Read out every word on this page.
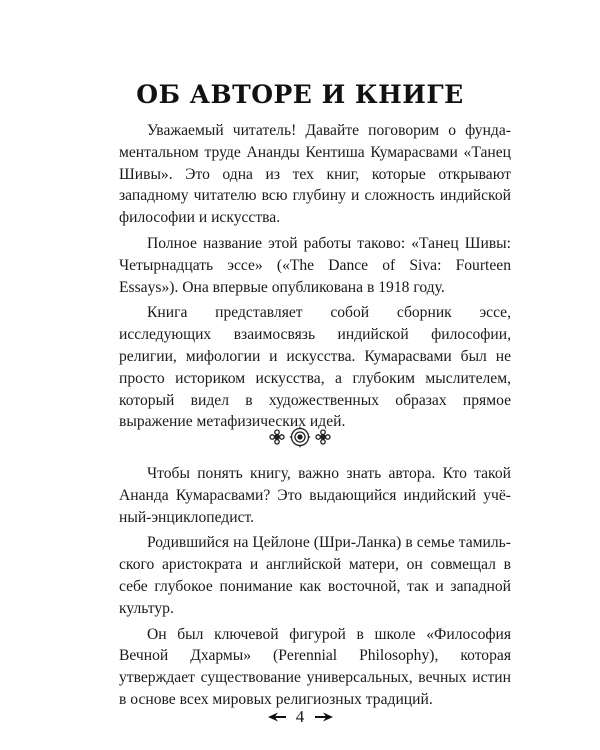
ОБ АВТОРЕ И КНИГЕ

Уважаемый читатель! Давайте поговорим о фундаментальном труде Ананды Кентиша Кумарасвами «Танец Шивы». Это одна из тех книг, которые открывают западному читателю всю глубину и сложность индийской философии и искусства.

Полное название этой работы таково: «Танец Шивы: Четырнадцать эссе» («The Dance of Siva: Fourteen Essays»). Она впервые опубликована в 1918 году.

Книга представляет собой сборник эссе, исследующих взаимосвязь индийской философии, религии, мифологии и искусства. Кумарасвами был не просто историком искусства, а глубоким мыслителем, который видел в художественных образах прямое выражение метафизических идей.

Чтобы понять книгу, важно знать автора. Кто такой Ананда Кумарасвами? Это выдающийся индийский учёный-энциклопедист.

Родившийся на Цейлоне (Шри-Ланка) в семье тамильского аристократа и английской матери, он совмещал в себе глубокое понимание как восточной, так и западной культур.

Он был ключевой фигурой в школе «Философия Вечной Дхармы» (Perennial Philosophy), которая утверждает существование универсальных, вечных истин в основе всех мировых религиозных традиций.

4
